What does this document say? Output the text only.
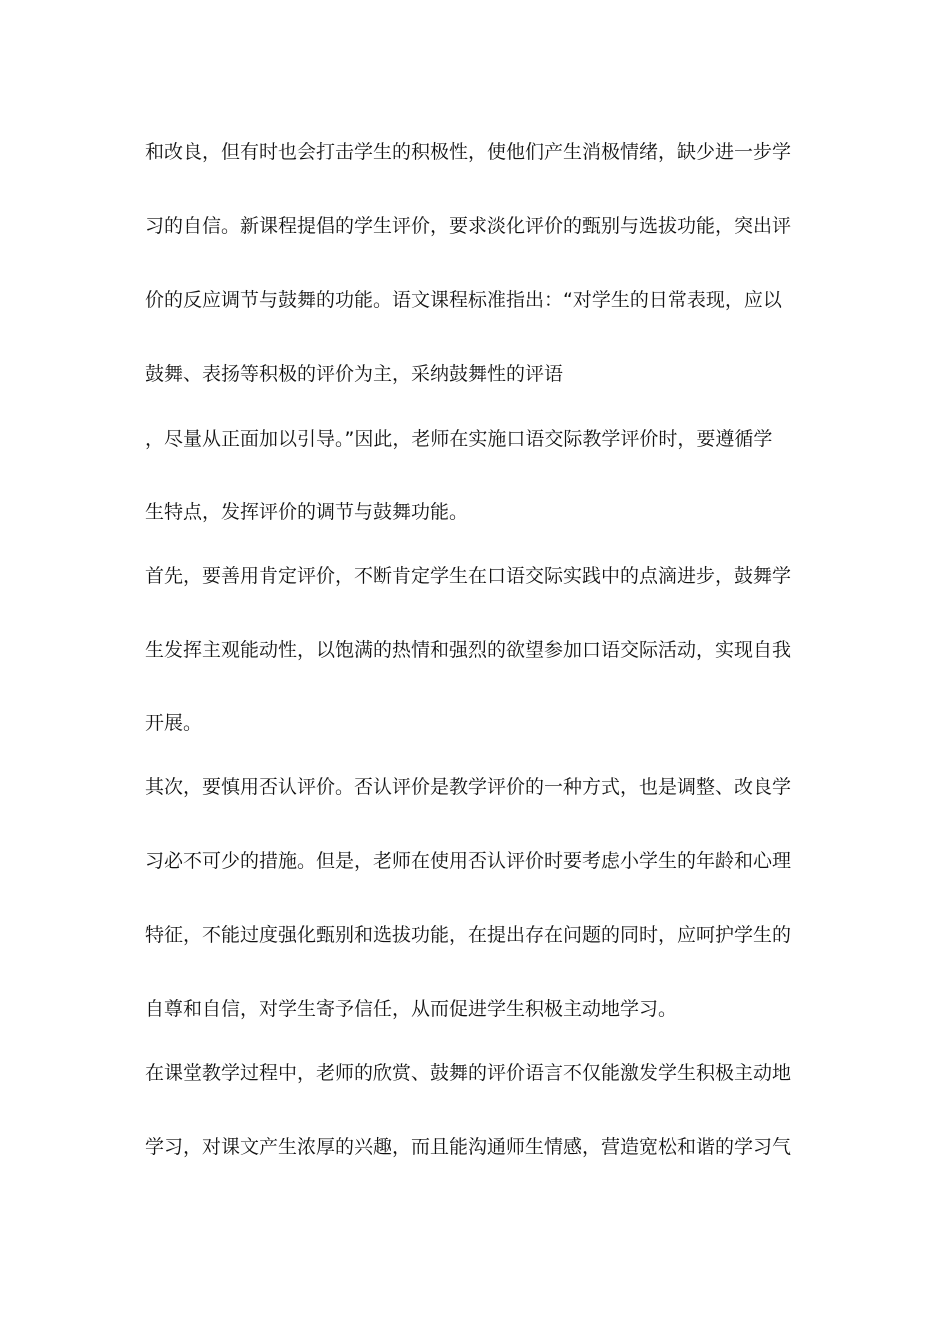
和改良，但有时也会打击学生的积极性，使他们产生消极情绪，缺少进一步学

习的自信。新课程提倡的学生评价，要求淡化评价的甄别与选拔功能，突出评

价的反应调节与鼓舞的功能。语文课程标准指出：“对学生的日常表现，应以

鼓舞、表扬等积极的评价为主，采纳鼓舞性的评语

，尽量从正面加以引导。”因此，老师在实施口语交际教学评价时，要遵循学

生特点，发挥评价的调节与鼓舞功能。

首先，要善用肯定评价，不断肯定学生在口语交际实践中的点滴进步，鼓舞学

生发挥主观能动性，以饱满的热情和强烈的欲望参加口语交际活动，实现自我

开展。

其次，要慎用否认评价。否认评价是教学评价的一种方式，也是调整、改良学

习必不可少的措施。但是，老师在使用否认评价时要考虑小学生的年龄和心理

特征，不能过度强化甄别和选拔功能，在提出存在问题的同时，应呵护学生的

自尊和自信，对学生寄予信任，从而促进学生积极主动地学习。

在课堂教学过程中，老师的欣赏、鼓舞的评价语言不仅能激发学生积极主动地

学习，对课文产生浓厚的兴趣，而且能沟通师生情感，营造宽松和谐的学习气
